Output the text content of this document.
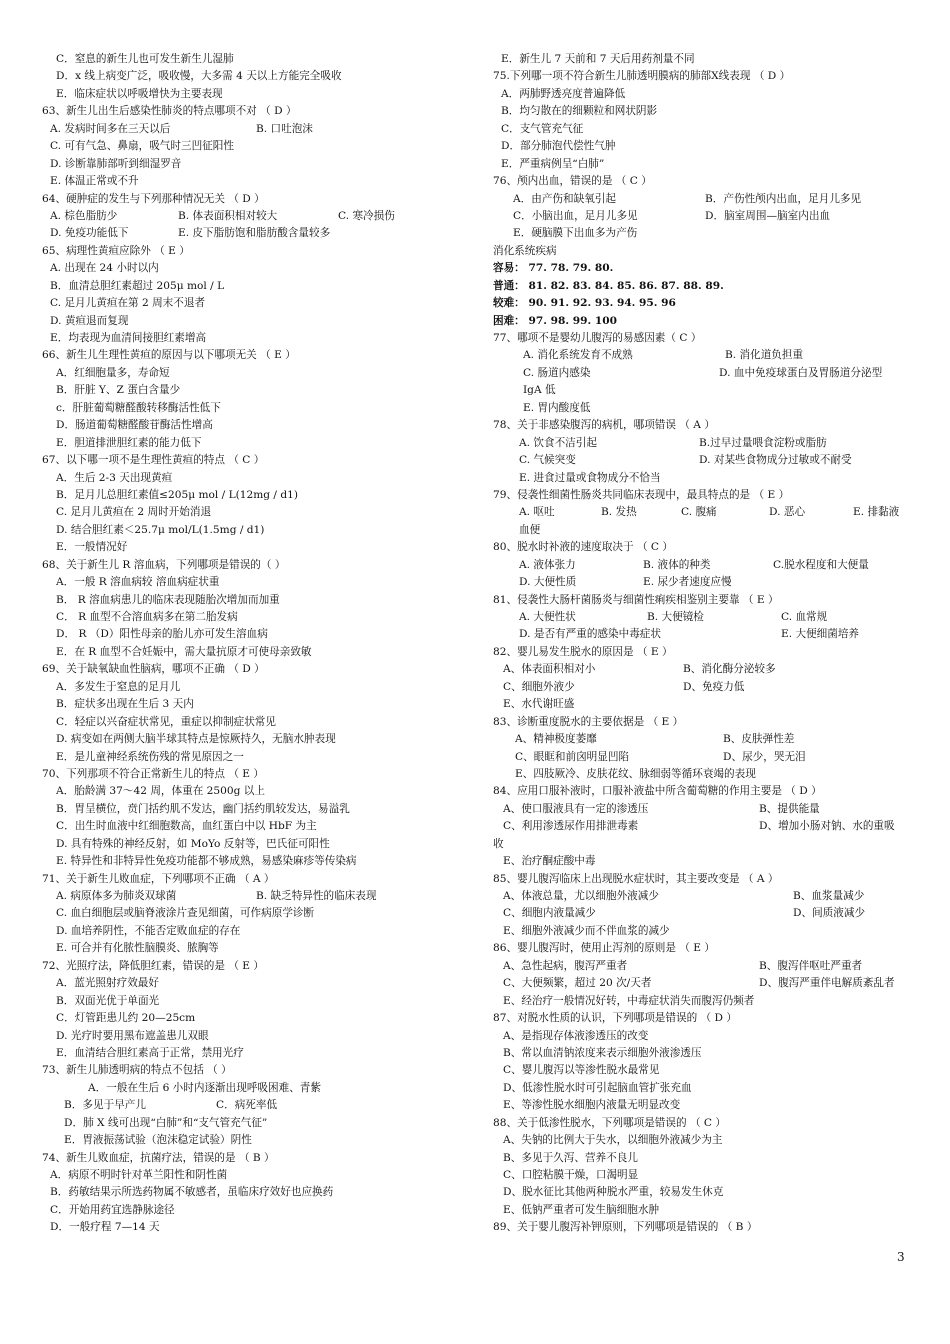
C．窒息的新生儿也可发生新生儿湿肺
D．x 线上病变广泛，吸收慢，大多需 4 天以上方能完全吸收
E．临床症状以呼吸增快为主要表现
63、新生儿出生后感染性肺炎的特点哪项不对 （ D ）
A. 发病时间多在三天以后	B. 口吐泡沫
C. 可有气急、鼻扇，吸气时三凹征阳性
D. 诊断靠肺部听到细湿罗音
E. 体温正常或不升
64、硬肿症的发生与下列那种情况无关 （ D ）
A. 棕色脂肪少	B. 体表面积相对较大	C. 寒冷损伤
D. 免疫功能低下	E. 皮下脂肪饱和脂肪酸含量较多
65、病理性黄疸应除外 （ E ）
A. 出现在 24 小时以内
B．血清总胆红素超过 205μ mol / L
C. 足月儿黄疸在第 2 周末不退者
D. 黄疸退而复现
E．均表现为血清间接胆红素增高
66、新生儿生理性黄疸的原因与以下哪项无关 （ E ）
A．红细胞量多，寿命短
B．肝脏 Y、Z 蛋白含量少
c．肝脏葡萄糖醛酸转移酶活性低下
D．肠道葡萄糖醛酸苷酶活性增高
E．胆道排泄胆红素的能力低下
67、以下哪一项不是生理性黄疸的特点 （ C ）
A．生后 2-3 天出现黄疸
B．足月儿总胆红素值≤205μ mol / L(12mg / d1)
C. 足月儿黄疸在 2 周时开始消退
D. 结合胆红素＜25.7μ mol/L(1.5mg / d1)
E．一般情况好
68、关于新生儿 R 溶血病，下列哪项是错误的（ ）
A．一般 R 溶血病较 溶血病症状重
B． R 溶血病患儿的临床表现随胎次增加而加重
C． R 血型不合溶血病多在第二胎发病
D． R （D）阳性母亲的胎儿亦可发生溶血病
E．在 R 血型不合妊娠中，需大量抗原才可使母亲致敏
69、关于缺氧缺血性脑病，哪项不正确 （ D ）
A．多发生于窒息的足月儿
B．症状多出现在生后 3 天内
C．轻症以兴奋症状常见，重症以抑制症状常见
D. 病变如在两侧大脑半球其特点是惊厥持久，无脑水肿表现
E．是儿童神经系统伤残的常见原因之一
70、下列那项不符合正常新生儿的特点 （ E ）
A．胎龄满 37～42 周，体重在 2500g 以上
B．胃呈横位，贲门括约肌不发达，幽门括约肌较发达，易溢乳
C．出生时血液中红细胞数高，血红蛋白中以 HbF 为主
D. 具有特殊的神经反射，如 MoYo 反射等，巴氏征可阳性
E. 特异性和非特异性免疫功能都不够成熟，易感染麻疹等传染病
71、关于新生儿败血症，下列哪项不正确 （ A ）
A. 病原体多为肺炎双球菌	B. 缺乏特异性的临床表现
C. 血白细胞层或脑脊液涂片查见细菌，可作病原学诊断
D. 血培养阴性，不能否定败血症的存在
E. 可合并有化脓性脑膜炎、脓胸等
72、光照疗法，降低胆红素，错误的是 （ E ）
A．蓝光照射疗效最好
B．双面光优于单面光
C．灯管距患儿约 20—25cm
D. 光疗时要用黑布遮盖患儿双眼
E．血清结合胆红素高于正常，禁用光疗
73、新生儿肺透明病的特点不包括 （ ）
A．一般在生后 6 小时内逐渐出现呼吸困难、青紫
B．多见于早产儿	C．病死率低
D．肺 X 线可出现“白肺”和“支气管充气征”
E．胃液振荡试验（泡沫稳定试验）阴性
74、新生儿败血症，抗菌疗法，错误的是 （ B ）
A．病原不明时针对革兰阳性和阴性菌
B．药敏结果示所选药物属不敏感者，虽临床疗效好也应换药
C．开始用药宜选静脉途径
D．一般疗程 7—14 天
E．新生儿 7 天前和 7 天后用药剂量不同
75.下列哪一项不符合新生儿肺透明膜病的肺部X线表现 （ D ）
A．两肺野透亮度普遍降低
B．均匀散在的细颗粒和网状阴影
C．支气管充气征
D．部分肺泡代偿性气肿
E．严重病例呈“白肺”
76、颅内出血，错误的是 （ C ）
A．由产伤和缺氧引起	B．产伤性颅内出血，足月儿多见
C．小脑出血，足月儿多见	D．脑室周围—脑室内出血
E．硬脑膜下出血多为产伤
消化系统疾病
容易： 77. 78. 79. 80.
普通： 81. 82. 83. 84. 85. 86. 87. 88. 89.
较难： 90. 91. 92. 93. 94. 95. 96
困难： 97. 98. 99. 100
77、哪项不是婴幼儿腹泻的易感因素（ C ）
A. 消化系统发育不成熟	B. 消化道负担重
C. 肠道内感染	D. 血中免疫球蛋白及胃肠道分泌型
IgA 低
E. 胃内酸度低
78、关于非感染腹泻的病机，哪项错误 （ A ）
A. 饮食不洁引起	B.过早过量喂食淀粉或脂肪
C. 气候突变	D. 对某些食物成分过敏或不耐受
E. 进食过量或食物成分不恰当
79、侵袭性细菌性肠炎共同临床表现中，最具特点的是 （ E ）
A. 呕吐	B. 发热	C. 腹痛	D. 恶心	E. 排黏液
血便
80、脱水时补液的速度取决于 （ C ）
A. 液体张力	B. 液体的种类	C.脱水程度和大便量
D. 大便性质	E. 尿少者速度应慢
81、侵袭性大肠杆菌肠炎与细菌性痢疾相鉴别主要靠 （ E ）
A. 大便性状	B. 大便镜检	C. 血常规
D. 是否有严重的感染中毒症状	E. 大便细菌培养
82、婴儿易发生脱水的原因是 （ E ）
A、体表面积相对小	B、消化酶分泌较多
C、细胞外液少	D、免疫力低
E、水代谢旺盛
83、诊断重度脱水的主要依据是 （ E ）
A、精神极度萎靡	B、皮肤弹性差
C、眼眶和前囟明显凹陷	D、尿少，哭无泪
E、四肢厥冷、皮肤花纹、脉细弱等循环衰竭的表现
84、应用口服补液时，口服补液盐中所含葡萄糖的作用主要是 （ D ）
A、使口服液具有一定的渗透压	B、提供能量
C、利用渗透尿作用排泄毒素	D、增加小肠对钠、水的重吸
收
E、治疗酮症酸中毒
85、婴儿腹泻临床上出现脱水症状时，其主要改变是 （ A ）
A、体液总量，尤以细胞外液减少	B、血浆量减少
C、细胞内液量减少	D、间质液减少
E、细胞外液减少而不伴血浆的减少
86、婴儿腹泻时，使用止泻剂的原则是 （ E ）
A、急性起病，腹泻严重者	B、腹泻伴呕吐严重者
C、大便频繁，超过 20 次/天者	D、腹泻严重伴电解质紊乱者
E、经治疗一般情况好转，中毒症状消失而腹泻仍频者
87、对脱水性质的认识，下列哪项是错误的 （ D ）
A、是指现存体液渗透压的改变
B、常以血清钠浓度来表示细胞外液渗透压
C、婴儿腹泻以等渗性脱水最常见
D、低渗性脱水时可引起脑血管扩张充血
E、等渗性脱水细胞内液量无明显改变
88、关于低渗性脱水，下列哪项是错误的 （ C ）
A、失钠的比例大于失水，以细胞外液减少为主
B、多见于久泻、营养不良儿
C、口腔粘膜干燥，口渴明显
D、脱水征比其他两种脱水严重，较易发生休克
E、低钠严重者可发生脑细胞水肿
89、关于婴儿腹泻补钾原则，下列哪项是错误的 （ B ）
3
